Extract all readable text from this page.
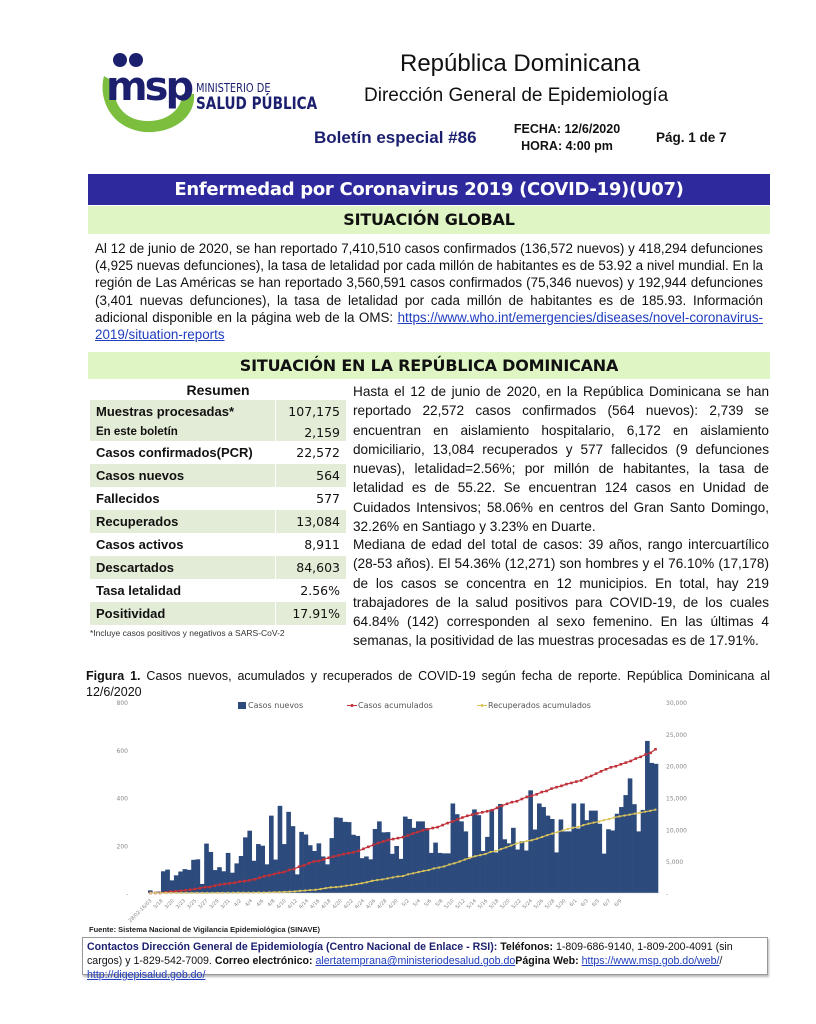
msp MINISTERIO DE
SALUD PÚBLICA
República Dominicana
Dirección General de Epidemiología
Boletín especial #86	FECHA: 12/6/2020
HORA: 4:00 pm
Pág. 1 de 7
Enfermedad por Coronavirus 2019 (COVID-19)(U07)
SITUACIÓN GLOBAL
Al 12 de junio de 2020, se han reportado 7,410,510 casos confirmados (136,572 nuevos) y 418,294 defunciones (4,925 nuevas defunciones), la tasa de letalidad por cada millón de habitantes es de 53.92 a nivel mundial. En la región de Las Américas se han reportado 3,560,591 casos confirmados (75,346 nuevos) y 192,944 defunciones (3,401 nuevas defunciones), la tasa de letalidad por cada millón de habitantes es de 185.93. Información adicional disponible en la página web de la OMS: https://www.who.int/emergencies/diseases/novel-coronavirus-2019/situation-reports
SITUACIÓN EN LA REPÚBLICA DOMINICANA
Resumen
Muestras procesadas*	107,175
En este boletín	2,159
Casos confirmados(PCR)	22,572
Casos nuevos	564
Fallecidos	577
Recuperados	13,084
Casos activos	8,911
Descartados	84,603
Tasa letalidad	2.56%
Positividad	17.91%
*Incluye casos positivos y negativos a SARS-CoV-2
Hasta el 12 de junio de 2020, en la República Dominicana se han reportado 22,572 casos confirmados (564 nuevos): 2,739 se encuentran en aislamiento hospitalario, 6,172 en aislamiento domiciliario, 13,084 recuperados y 577 fallecidos (9 defunciones nuevas), letalidad=2.56%; por millón de habitantes, la tasa de letalidad es de 55.22. Se encuentran 124 casos en Unidad de Cuidados Intensivos; 58.06% en centros del Gran Santo Domingo, 32.26% en Santiago y 3.23% en Duarte.
Mediana de edad del total de casos: 39 años, rango intercuartílico (28-53 años). El 54.36% (12,271) son hombres y el 76.10% (17,178) de los casos se concentra en 12 municipios. En total, hay 219 trabajadores de la salud positivos para COVID-19, de los cuales 64.84% (142) corresponden al sexo femenino. En las últimas 4 semanas, la positividad de las muestras procesadas es de 17.91%.
Figura 1. Casos nuevos, acumulados y recuperados de COVID-19 según fecha de reporte. República Dominicana al 12/6/2020
-
200
400
600
800
-
5,000
10,000
15,000
20,000
25,000
30,000
28/02-16/03 3/18 3/20 3/23 3/25 3/27 3/29 3/31 4/2 4/4 4/6 4/8 4/10 4/12 4/14 4/16 4/18 4/20 4/22 4/24 4/26 4/28 4/30 5/2 5/4 5/6 5/8 5/10 5/12 5/14 5/16 5/18 5/20 5/22 5/24 5/26 5/28 5/30 6/1 6/3 6/5 6/7 6/9
Casos nuevos	Casos acumulados	Recuperados acumulados
Fuente: Sistema Nacional de Vigilancia Epidemiológica (SINAVE)
Contactos Dirección General de Epidemiología (Centro Nacional de Enlace - RSI): Teléfonos: 1-809-686-9140, 1-809-200-4091 (sin cargos) y 1-829-542-7009. Correo electrónico: alertatemprana@ministeriodesalud.gob.doPágina Web: https://www.msp.gob.do/web// http://digepisalud.gob.do/
